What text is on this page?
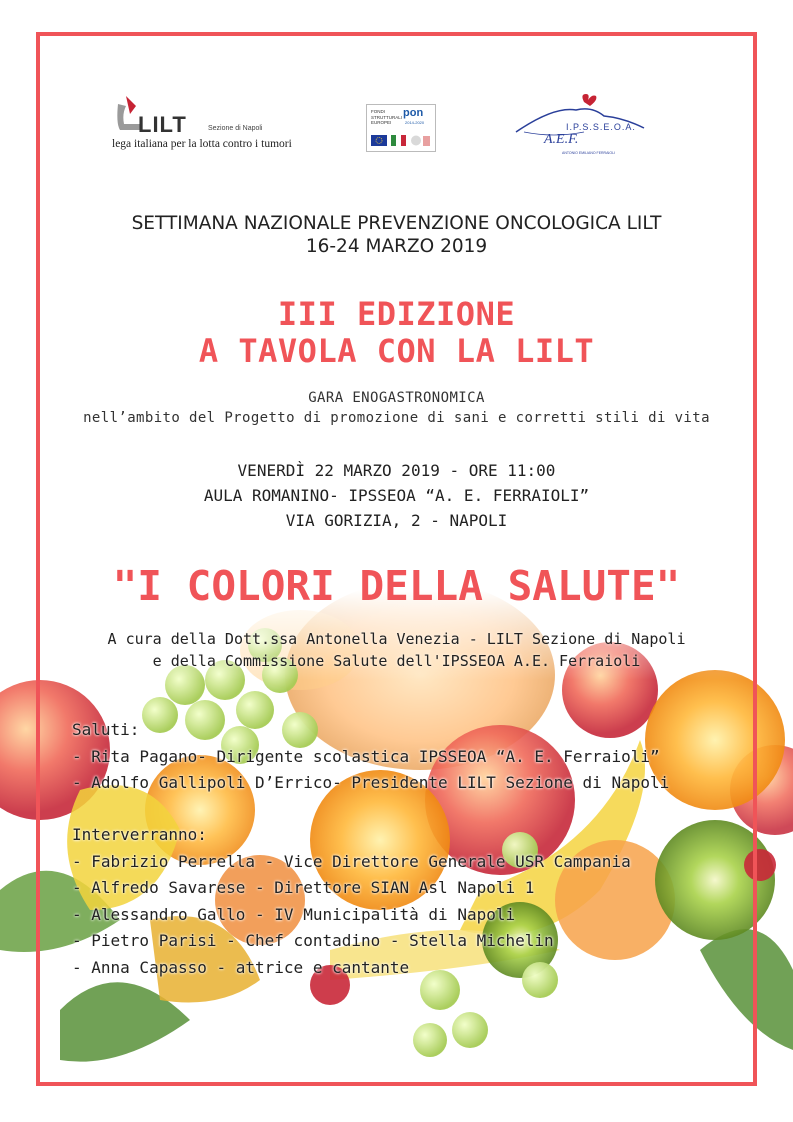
LILT	Sezione di Napoli
lega italiana per la lotta contro i tumori
FONDI STRUTTURALI EUROPEI
pon
2014-2020	I.P.S.S.E.O.A.
A.E.F.
ANTONIO EMILIANO FERRAIOLI
SETTIMANA NAZIONALE PREVENZIONE ONCOLOGICA LILT
16-24 MARZO 2019
III EDIZIONE
A TAVOLA CON LA LILT
GARA ENOGASTRONOMICA
nell’ambito del Progetto di promozione di sani e corretti stili di vita
VENERDÌ 22 MARZO 2019 - ORE 11:00
AULA ROMANINO- IPSSEOA “A. E. FERRAIOLI”
VIA GORIZIA, 2 - NAPOLI
"I COLORI DELLA SALUTE"
A cura della Dott.ssa Antonella Venezia - LILT Sezione di Napoli
e della Commissione Salute dell'IPSSEOA A.E. Ferraioli
Saluti:
- Rita Pagano- Dirigente scolastica IPSSEOA “A. E. Ferraioli”
- Adolfo Gallipoli D’Errico- Presidente LILT Sezione di Napoli
Interverranno:
- Fabrizio Perrella - Vice Direttore Generale USR Campania
- Alfredo Savarese - Direttore SIAN Asl Napoli 1
- Alessandro Gallo - IV Municipalità di Napoli
- Pietro Parisi - Chef contadino - Stella Michelin
- Anna Capasso - attrice e cantante
